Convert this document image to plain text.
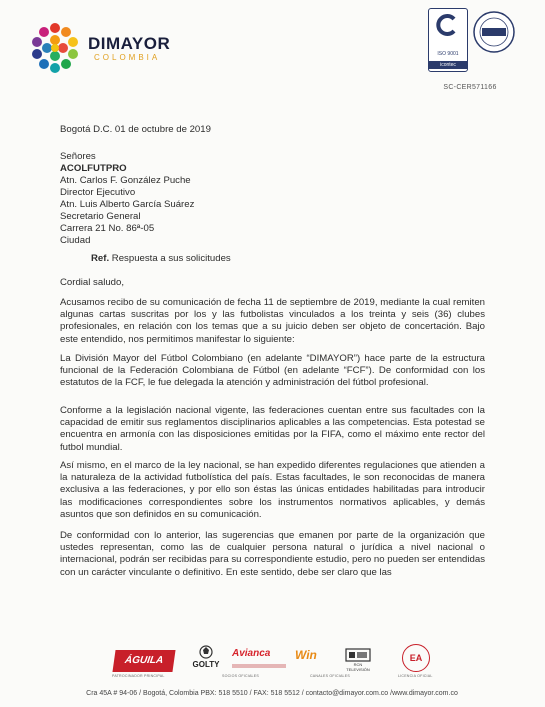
DIMAYOR
COLOMBIA	ISO 9001
icontec
SC-CER571166

Bogotá D.C. 01 de octubre de 2019

Señores

ACOLFUTPRO

Atn. Carlos F. González Puche

Director Ejecutivo

Atn. Luis Alberto García Suárez

Secretario General

Carrera 21 No. 86ª-05

Ciudad

Ref. Respuesta a sus solicitudes

Cordial saludo,

Acusamos recibo de su comunicación de fecha 11 de septiembre de 2019, mediante la cual remiten algunas cartas suscritas por los y las futbolistas vinculados a los treinta y seis (36) clubes profesionales, en relación con los temas que a su juicio deben ser objeto de concertación. Bajo este entendido, nos permitimos manifestar lo siguiente:

La División Mayor del Fútbol Colombiano (en adelante “DIMAYOR”) hace parte de la estructura funcional de la Federación Colombiana de Fútbol (en adelante “FCF”). De conformidad con los estatutos de la FCF, le fue delegada la atención y administración del fútbol profesional.

Conforme a la legislación nacional vigente, las federaciones cuentan entre sus facultades con la capacidad de emitir sus reglamentos disciplinarios aplicables a las competencias. Esta potestad se encuentra en armonía con las disposiciones emitidas por la FIFA, como el máximo ente rector del futbol mundial.

Así mismo, en el marco de la ley nacional, se han expedido diferentes regulaciones que atienden a la naturaleza de la actividad futbolística del país. Estas facultades, le son reconocidas de manera exclusiva a las federaciones, y por ello son éstas las únicas entidades habilitadas para introducir las modificaciones correspondientes sobre los instrumentos normativos aplicables, y demás asuntos que son definidos en su comunicación.

De conformidad con lo anterior, las sugerencias que emanen por parte de la organización que ustedes representan, como las de cualquier persona natural o jurídica a nivel nacional o internacional, podrán ser recibidas para su correspondiente estudio, pero no pueden ser entendidas con un carácter vinculante o definitivo. En este sentido, debe ser claro que las

ÁGUILA
PATROCINADOR PRINCIPAL
GOLTY
Avianca
SOCIOS OFICIALES
Win
RCN TELEVISIÓN
CANALES OFICIALES
EA
LICENCIA OFICIAL
Cra 45A # 94-06 / Bogotá, Colombia PBX: 518 5510 / FAX: 518 5512 / contacto@dimayor.com.co /www.dimayor.com.co
